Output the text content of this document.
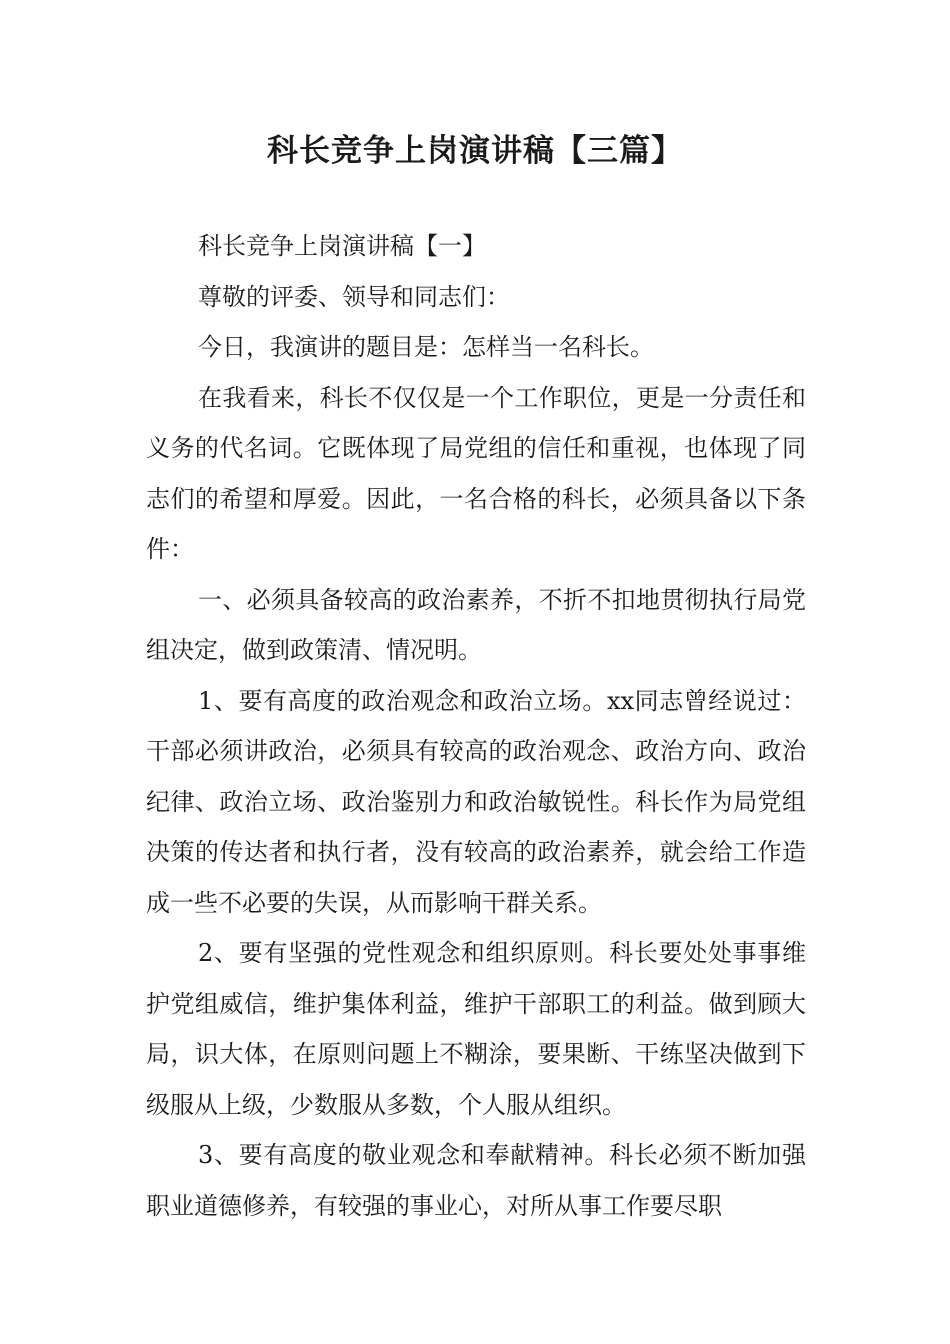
科长竞争上岗演讲稿【三篇】

科长竞争上岗演讲稿【一】

尊敬的评委、领导和同志们：

今日，我演讲的题目是：怎样当一名科长。

在我看来，科长不仅仅是一个工作职位，更是一分责任和义务的代名词。它既体现了局党组的信任和重视，也体现了同志们的希望和厚爱。因此，一名合格的科长，必须具备以下条件：

一、必须具备较高的政治素养，不折不扣地贯彻执行局党组决定，做到政策清、情况明。

1、要有高度的政治观念和政治立场。xx同志曾经说过：干部必须讲政治，必须具有较高的政治观念、政治方向、政治纪律、政治立场、政治鉴别力和政治敏锐性。科长作为局党组决策的传达者和执行者，没有较高的政治素养，就会给工作造成一些不必要的失误，从而影响干群关系。

2、要有坚强的党性观念和组织原则。科长要处处事事维护党组威信，维护集体利益，维护干部职工的利益。做到顾大局，识大体，在原则问题上不糊涂，要果断、干练坚决做到下级服从上级，少数服从多数，个人服从组织。

3、要有高度的敬业观念和奉献精神。科长必须不断加强职业道德修养，有较强的事业心，对所从事工作要尽职
